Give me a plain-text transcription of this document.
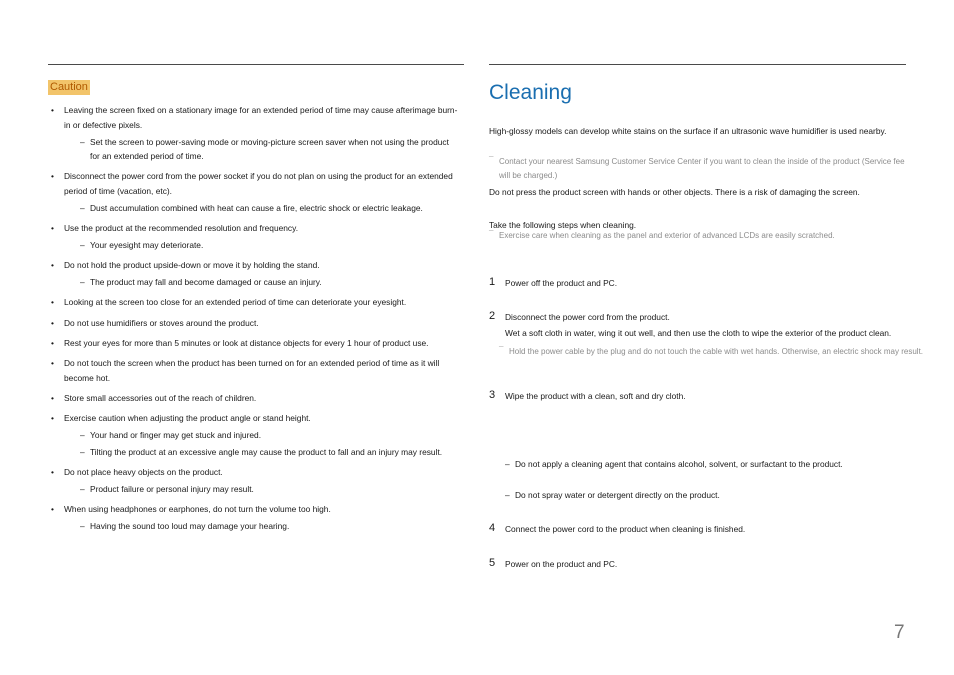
Caution
• Leaving the screen fixed on a stationary image for an extended period of time may cause afterimage burn-in or defective pixels.
– Set the screen to power-saving mode or moving-picture screen saver when not using the product for an extended period of time.
• Disconnect the power cord from the power socket if you do not plan on using the product for an extended period of time (vacation, etc).
– Dust accumulation combined with heat can cause a fire, electric shock or electric leakage.
• Use the product at the recommended resolution and frequency.
– Your eyesight may deteriorate.
• Do not hold the product upside-down or move it by holding the stand.
– The product may fall and become damaged or cause an injury.
• Looking at the screen too close for an extended period of time can deteriorate your eyesight.
• Do not use humidifiers or stoves around the product.
• Rest your eyes for more than 5 minutes or look at distance objects for every 1 hour of product use.
• Do not touch the screen when the product has been turned on for an extended period of time as it will become hot.
• Store small accessories out of the reach of children.
• Exercise caution when adjusting the product angle or stand height.
– Your hand or finger may get stuck and injured.
– Tilting the product at an excessive angle may cause the product to fall and an injury may result.
• Do not place heavy objects on the product.
– Product failure or personal injury may result.
• When using headphones or earphones, do not turn the volume too high.
– Having the sound too loud may damage your hearing.
Cleaning
High-glossy models can develop white stains on the surface if an ultrasonic wave humidifier is used nearby.
¯ Contact your nearest Samsung Customer Service Center if you want to clean the inside of the product (Service fee will be charged.)
Do not press the product screen with hands or other objects. There is a risk of damaging the screen.
¯ Exercise care when cleaning as the panel and exterior of advanced LCDs are easily scratched.
Take the following steps when cleaning.
1 Power off the product and PC.
2 Disconnect the power cord from the product.
¯ Hold the power cable by the plug and do not touch the cable with wet hands. Otherwise, an electric shock may result.
3 Wipe the product with a clean, soft and dry cloth.
Wet a soft cloth in water, wing it out well, and then use the cloth to wipe the exterior of the product clean.
– Do not apply a cleaning agent that contains alcohol, solvent, or surfactant to the product.
– Do not spray water or detergent directly on the product.
4 Connect the power cord to the product when cleaning is finished.
5 Power on the product and PC.
7
